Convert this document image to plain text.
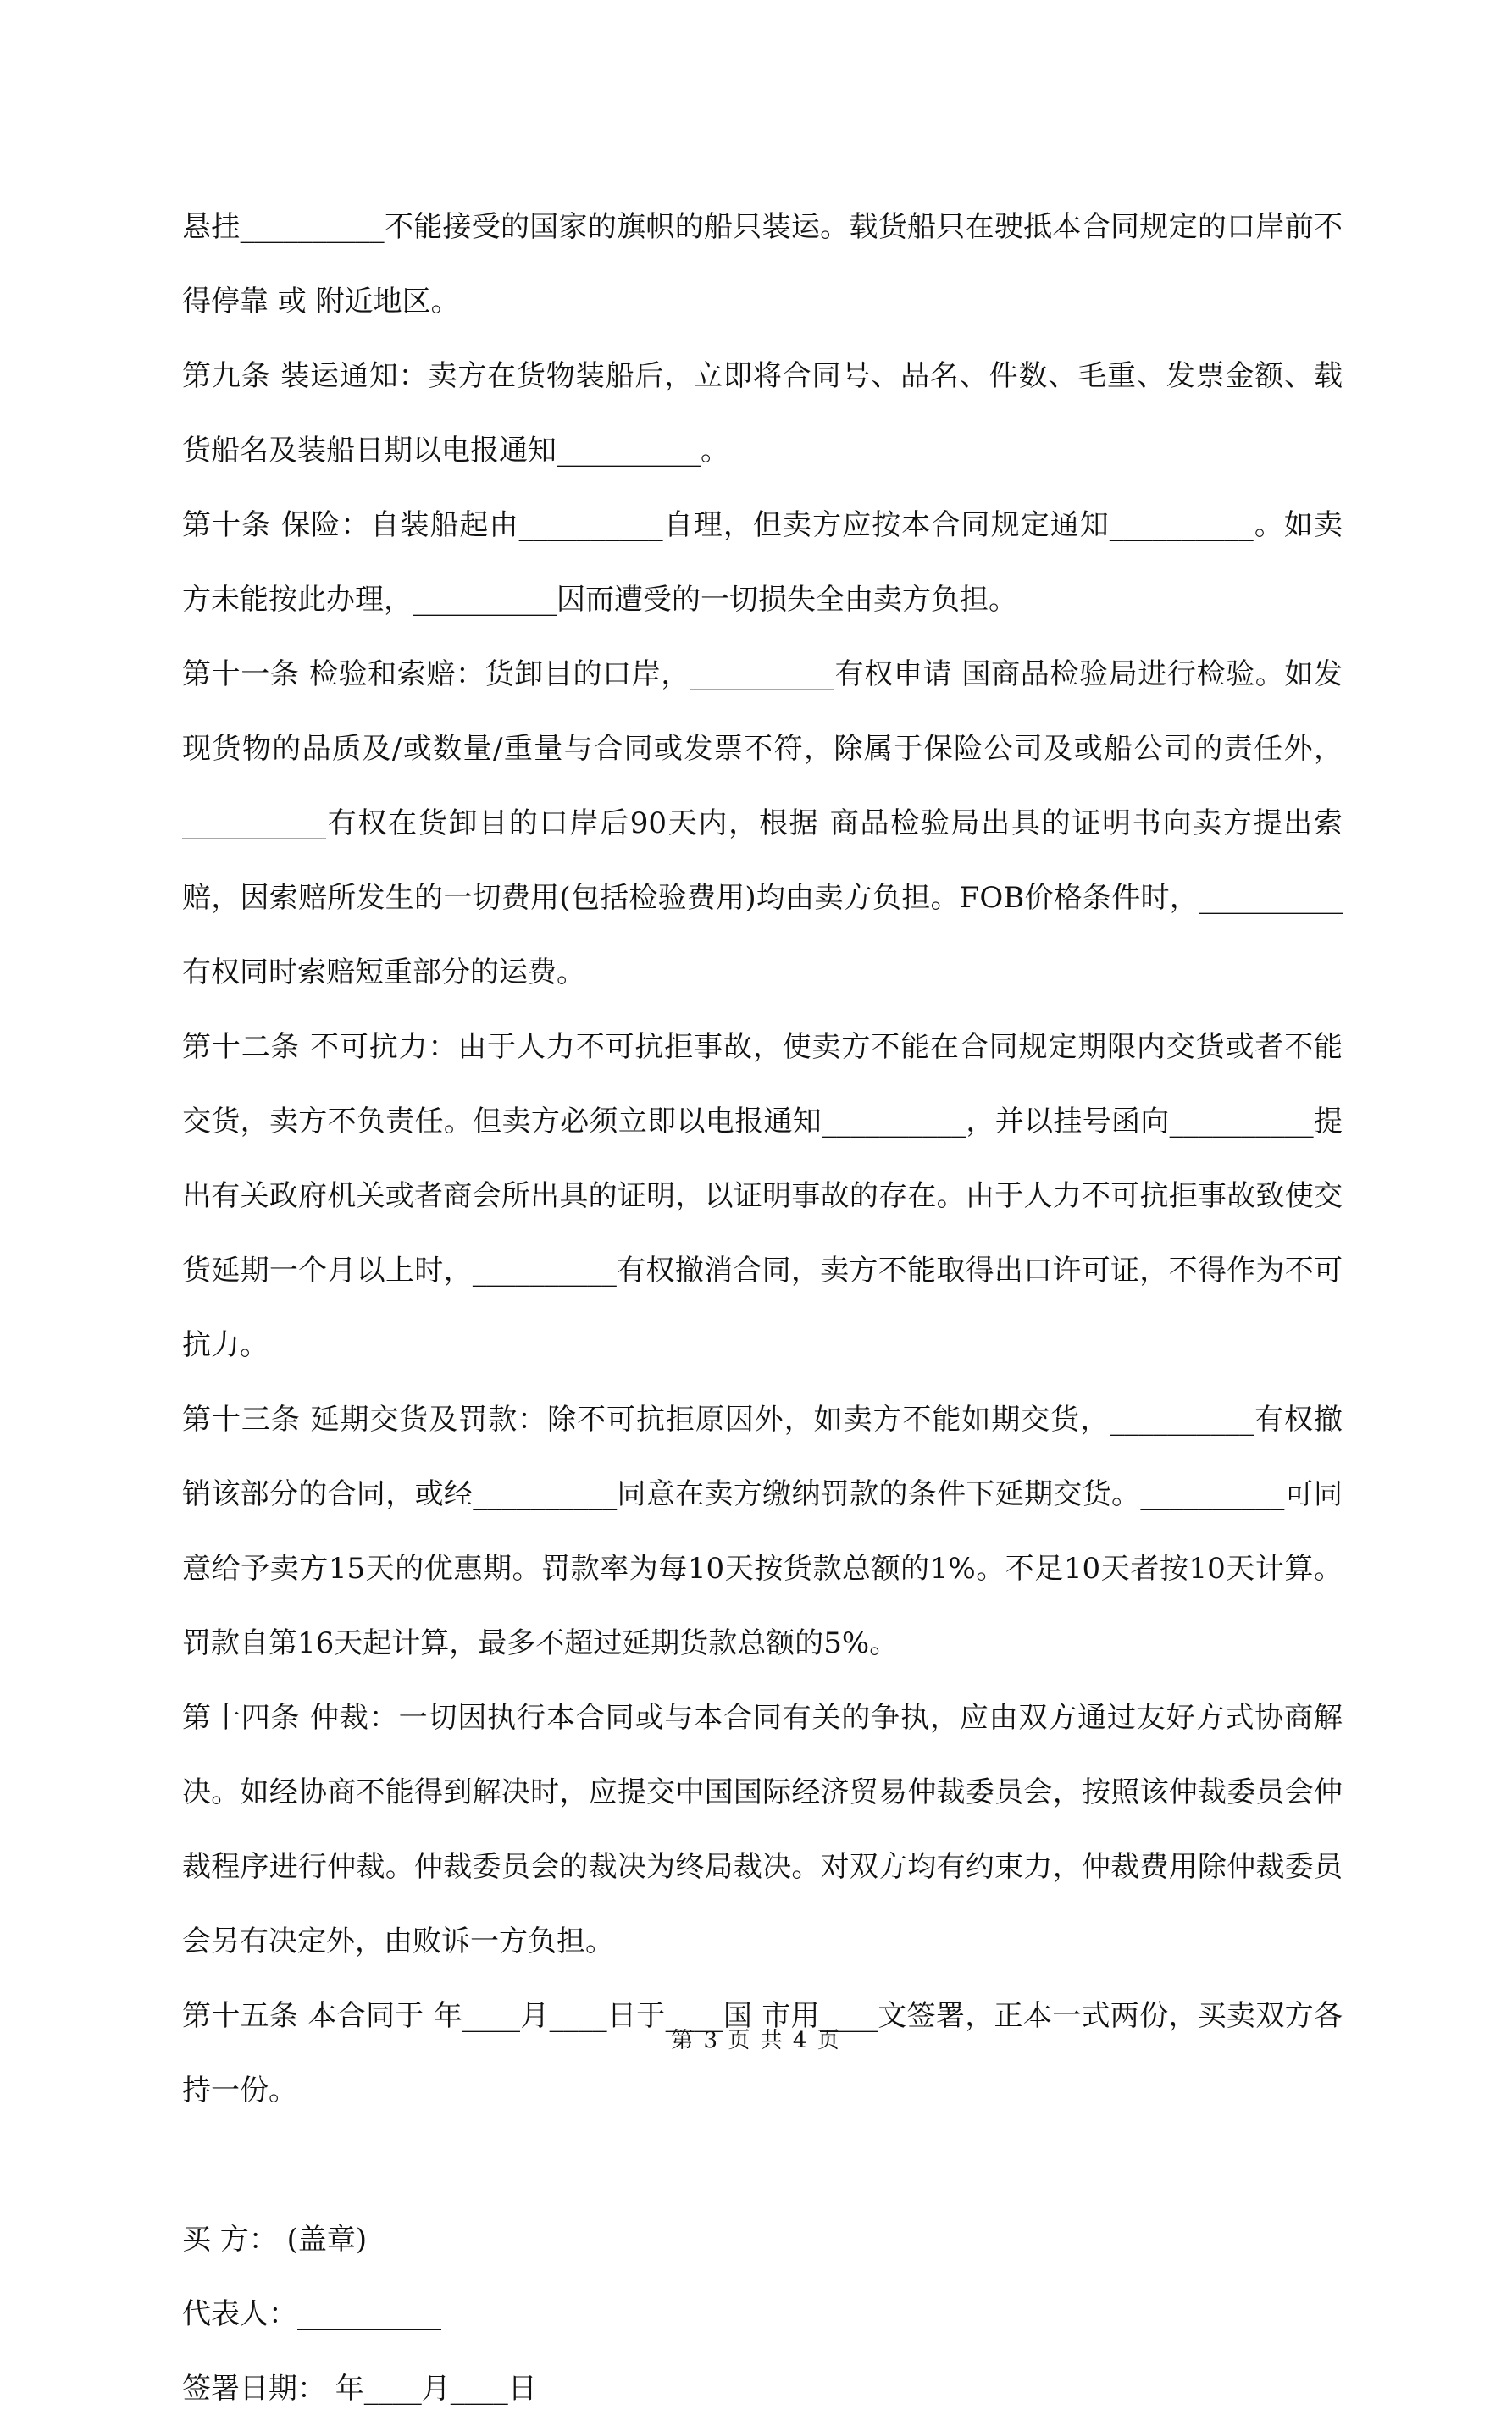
悬挂__________不能接受的国家的旗帜的船只装运。载货船只在驶抵本合同规定的口岸前不得停靠 或 附近地区。

第九条 装运通知：卖方在货物装船后，立即将合同号、品名、件数、毛重、发票金额、载货船名及装船日期以电报通知__________。

第十条 保险：自装船起由__________自理，但卖方应按本合同规定通知__________。如卖方未能按此办理，__________因而遭受的一切损失全由卖方负担。

第十一条 检验和索赔：货卸目的口岸，__________有权申请 国商品检验局进行检验。如发现货物的品质及/或数量/重量与合同或发票不符，除属于保险公司及或船公司的责任外，__________有权在货卸目的口岸后90天内，根据 商品检验局出具的证明书向卖方提出索赔，因索赔所发生的一切费用(包括检验费用)均由卖方负担。FOB价格条件时，__________有权同时索赔短重部分的运费。

第十二条 不可抗力：由于人力不可抗拒事故，使卖方不能在合同规定期限内交货或者不能交货，卖方不负责任。但卖方必须立即以电报通知__________，并以挂号函向__________提出有关政府机关或者商会所出具的证明，以证明事故的存在。由于人力不可抗拒事故致使交货延期一个月以上时，__________有权撤消合同，卖方不能取得出口许可证，不得作为不可抗力。

第十三条 延期交货及罚款：除不可抗拒原因外，如卖方不能如期交货，__________有权撤销该部分的合同，或经__________同意在卖方缴纳罚款的条件下延期交货。__________可同意给予卖方15天的优惠期。罚款率为每10天按货款总额的1%。不足10天者按10天计算。罚款自第16天起计算，最多不超过延期货款总额的5%。

第十四条 仲裁：一切因执行本合同或与本合同有关的争执，应由双方通过友好方式协商解决。如经协商不能得到解决时，应提交中国国际经济贸易仲裁委员会，按照该仲裁委员会仲裁程序进行仲裁。仲裁委员会的裁决为终局裁决。对双方均有约束力，仲裁费用除仲裁委员会另有决定外，由败诉一方负担。

第十五条 本合同于 年____月____日于____国 市用____文签署，正本一式两份，买卖双方各持一份。

买 方： (盖章)

代表人：__________

签署日期： 年____月____日

第 3 页 共 4 页
